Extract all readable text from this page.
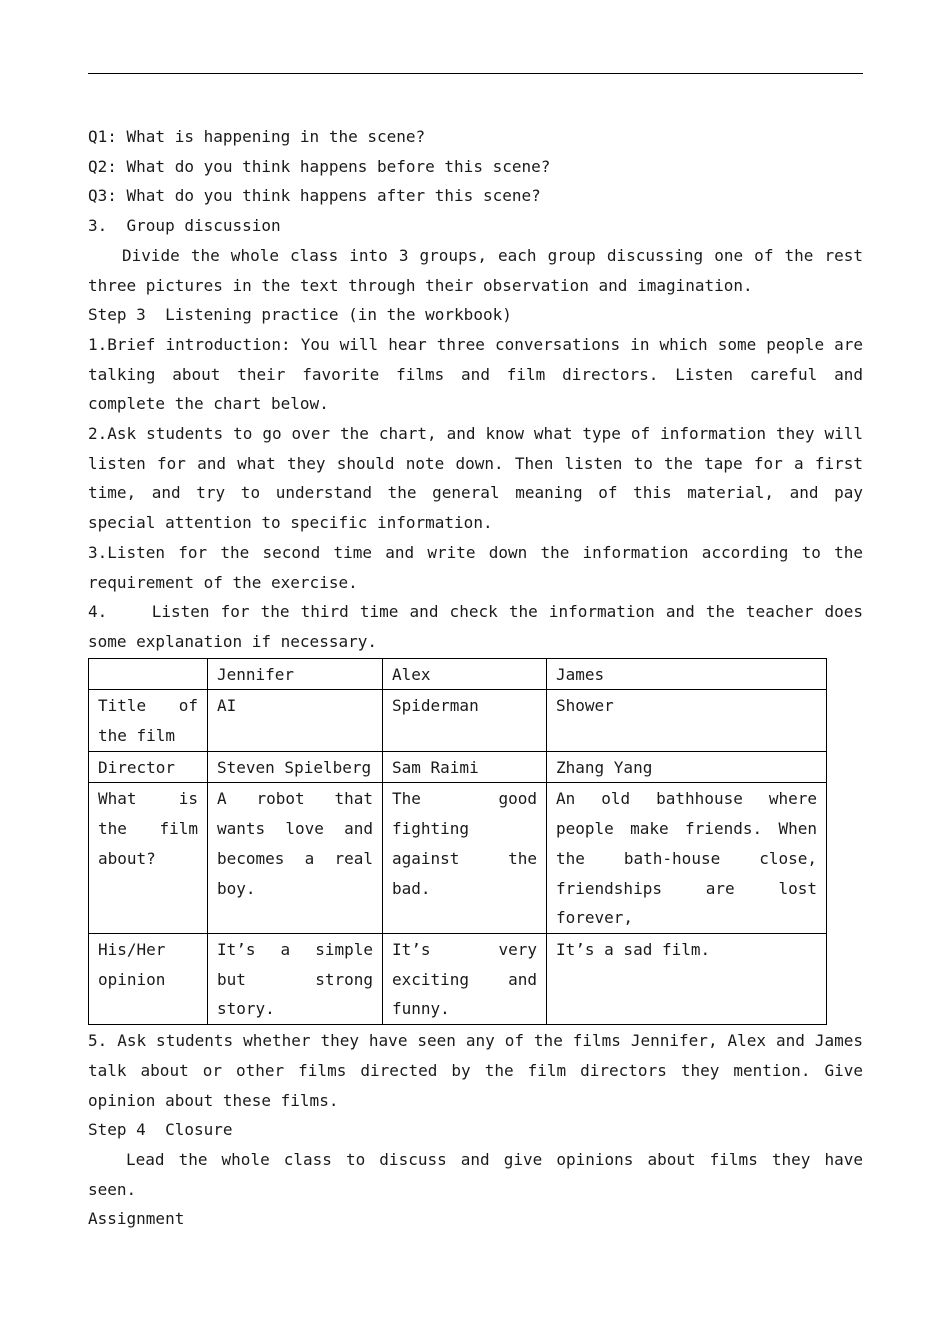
Q1: What is happening in the scene?
Q2: What do you think happens before this scene?
Q3: What do you think happens after this scene?
3.  Group discussion
Divide the whole class into 3 groups, each group discussing one of the rest three pictures in the text through their observation and imagination.
Step 3  Listening practice (in the workbook)
1.Brief introduction: You will hear three conversations in which some people are talking about their favorite films and film directors. Listen careful and complete the chart below.
2.Ask students to go over the chart, and know what type of information they will listen for and what they should note down. Then listen to the tape for a first time, and try to understand the general meaning of this material, and pay special attention to specific information.
3.Listen for the second time and write down the information according to the requirement of the exercise.
4.    Listen for the third time and check the information and the teacher does some explanation if necessary.
	Jennifer	Alex	James
Title of the film	AI	Spiderman	Shower
Director	Steven Spielberg	Sam Raimi	Zhang Yang
What is the film about?	A robot that wants love and becomes a real boy.	The good fighting against the bad.	An old bathhouse where people make friends. When the bath-house close, friendships are lost forever,
His/Her opinion	It’s a simple but strong story.	It’s very exciting and funny.	It’s a sad film.
5. Ask students whether they have seen any of the films Jennifer, Alex and James talk about or other films directed by the film directors they mention. Give opinion about these films.
Step 4  Closure
Lead the whole class to discuss and give opinions about films they have seen.
Assignment
